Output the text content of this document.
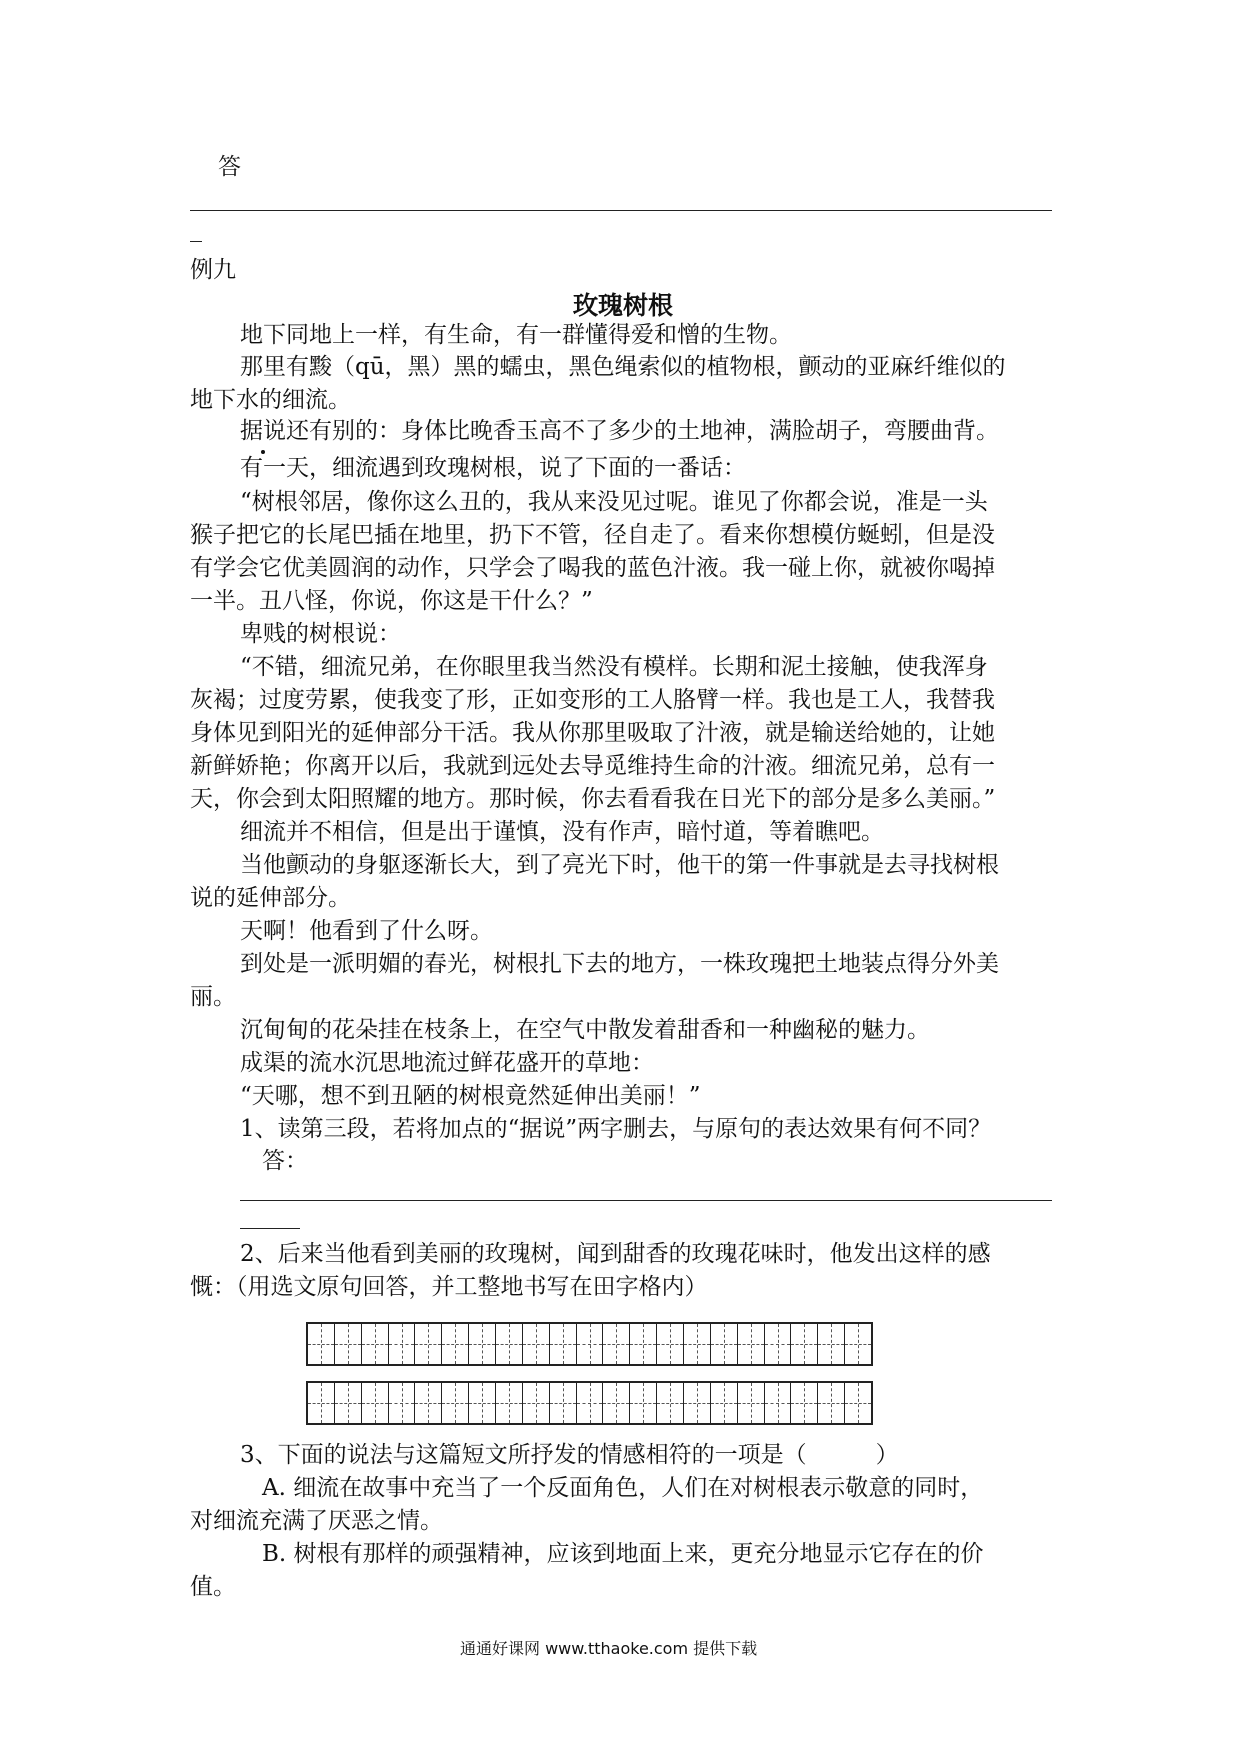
答
例九
玫瑰树根
地下同地上一样，有生命，有一群懂得爱和憎的生物。
那里有黢（qū，黑）黑的蠕虫，黑色绳索似的植物根，颤动的亚麻纤维似的
地下水的细流。
据说还有别的：身体比晚香玉高不了多少的土地神，满脸胡子，弯腰曲背。
有一天，细流遇到玫瑰树根，说了下面的一番话：
“树根邻居，像你这么丑的，我从来没见过呢。谁见了你都会说，准是一头
猴子把它的长尾巴插在地里，扔下不管，径自走了。看来你想模仿蜒蚓，但是没
有学会它优美圆润的动作，只学会了喝我的蓝色汁液。我一碰上你，就被你喝掉
一半。丑八怪，你说，你这是干什么？”
卑贱的树根说：
“不错，细流兄弟，在你眼里我当然没有模样。长期和泥土接触，使我浑身
灰褐；过度劳累，使我变了形，正如变形的工人胳臂一样。我也是工人，我替我
身体见到阳光的延伸部分干活。我从你那里吸取了汁液，就是输送给她的，让她
新鲜娇艳；你离开以后，我就到远处去导觅维持生命的汁液。细流兄弟，总有一
天，你会到太阳照耀的地方。那时候，你去看看我在日光下的部分是多么美丽。”
细流并不相信，但是出于谨慎，没有作声，暗忖道，等着瞧吧。
当他颤动的身躯逐渐长大，到了亮光下时，他干的第一件事就是去寻找树根
说的延伸部分。
天啊！他看到了什么呀。
到处是一派明媚的春光，树根扎下去的地方，一株玫瑰把土地装点得分外美
丽。
沉甸甸的花朵挂在枝条上，在空气中散发着甜香和一种幽秘的魅力。
成渠的流水沉思地流过鲜花盛开的草地：
“天哪，想不到丑陋的树根竟然延伸出美丽！”
1、读第三段，若将加点的“据说”两字删去，与原句的表达效果有何不同？
答：
2、后来当他看到美丽的玫瑰树，闻到甜香的玫瑰花味时，他发出这样的感
慨：（用选文原句回答，并工整地书写在田字格内）
3、下面的说法与这篇短文所抒发的情感相符的一项是（　　　）
A. 细流在故事中充当了一个反面角色，人们在对树根表示敬意的同时，
对细流充满了厌恶之情。
B. 树根有那样的顽强精神，应该到地面上来，更充分地显示它存在的价
值。
通通好课网 www.tthaoke.com 提供下载
